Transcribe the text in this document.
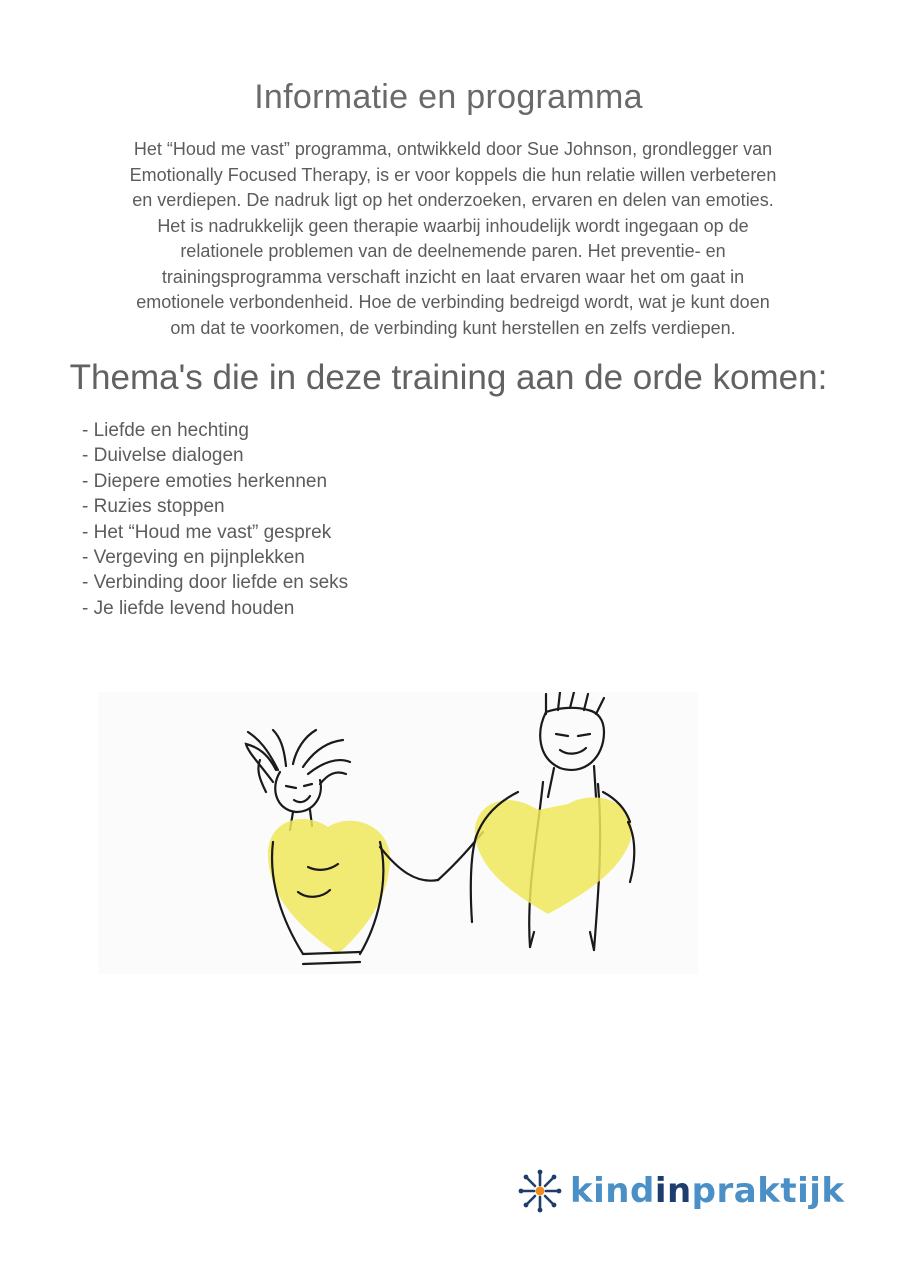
Informatie en programma
Het “Houd me vast” programma, ontwikkeld door Sue Johnson, grondlegger van
Emotionally Focused Therapy, is er voor koppels die hun relatie willen verbeteren
en verdiepen. De nadruk ligt op het onderzoeken, ervaren en delen van emoties.
Het is nadrukkelijk geen therapie waarbij inhoudelijk wordt ingegaan op de
relationele problemen van de deelnemende paren. Het preventie- en
trainingsprogramma verschaft inzicht en laat ervaren waar het om gaat in
emotionele verbondenheid. Hoe de verbinding bedreigd wordt, wat je kunt doen
om dat te voorkomen, de verbinding kunt herstellen en zelfs verdiepen.
Thema's die in deze training aan de orde komen:
- Liefde en hechting
- Duivelse dialogen
- Diepere emoties herkennen
- Ruzies stoppen
- Het “Houd me vast” gesprek
- Vergeving en pijnplekken
- Verbinding door liefde en seks
- Je liefde levend houden
kindinpraktijk
